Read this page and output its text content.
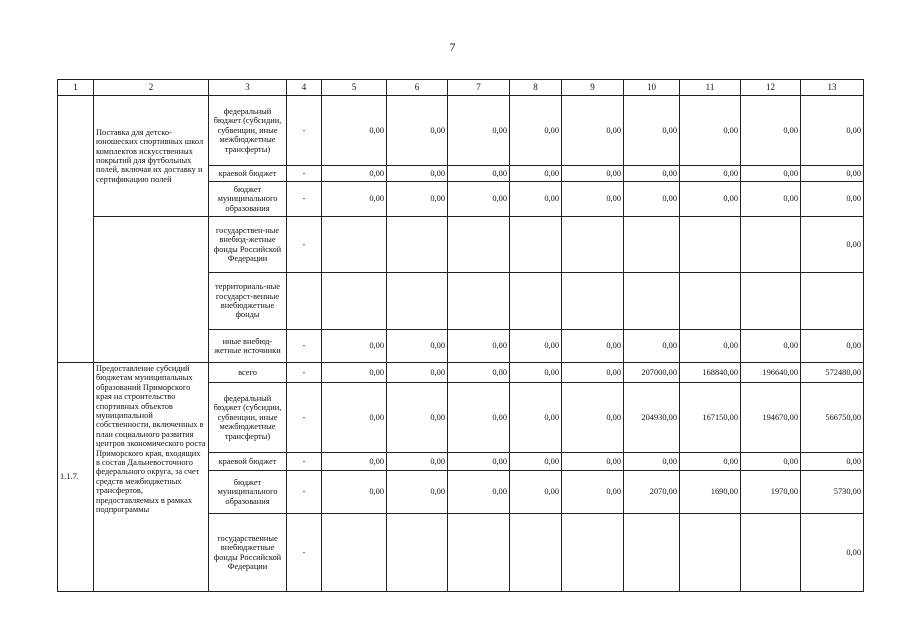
7
1	2	3	4	5	6	7	8	9	10	11	12	13
	Поставка для детско-юношеских спортивных школ комплектов искусственных покрытий для футбольных полей, включая их доставку и сертификацию полей	федеральный бюджет (субсидии, субвенции, иные межбюджетные трансферты)	-	0,00	0,00	0,00	0,00	0,00	0,00	0,00	0,00	0,00
		краевой бюджет	-	0,00	0,00	0,00	0,00	0,00	0,00	0,00	0,00	0,00
		бюджет муниципального образования	-	0,00	0,00	0,00	0,00	0,00	0,00	0,00	0,00	0,00
		государствен-ные внебюд-жетные фонды Российской Федерации	-									0,00
		территориаль-ные государст-венные внебюджетные фонды										
		иные внебюд-жетные источники	-	0,00	0,00	0,00	0,00	0,00	0,00	0,00	0,00	0,00
1.1.7.	Предоставление субсидий бюджетам муниципальных образований Приморского края на строительство спортивных объектов муниципальной собственности, включенных в план социального развития центров экономического роста Приморского края, входящих в состав Дальневосточного федерального округа, за счет средств межбюджетных трансфертов, предоставляемых в рамках подпрограммы	всего	-	0,00	0,00	0,00	0,00	0,00	207000,00	168840,00	196640,00	572480,00
		федеральный бюджет (субсидии, субвенции, иные межбюджетные трансферты)	-	0,00	0,00	0,00	0,00	0,00	204930,00	167150,00	194670,00	566750,00
		краевой бюджет	-	0,00	0,00	0,00	0,00	0,00	0,00	0,00	0,00	0,00
		бюджет муниципального образования	-	0,00	0,00	0,00	0,00	0,00	2070,00	1690,00	1970,00	5730,00
		государственные внебюджетные фонды Российской Федерации	-									0,00
